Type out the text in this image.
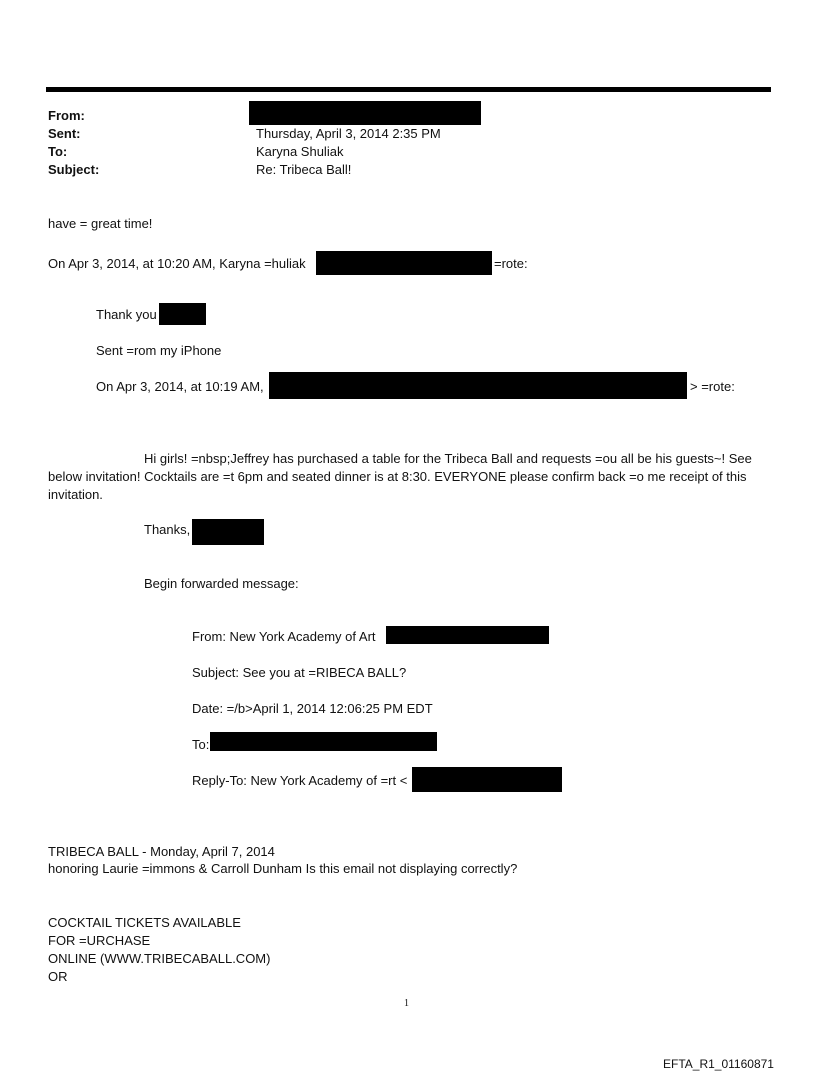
From:
Sent:	Thursday, April 3, 2014 2:35 PM
To:	Karyna Shuliak
Subject:	Re: Tribeca Ball!
have = great time!
On Apr 3, 2014, at 10:20 AM, Karyna =huliak	=rote:
Thank you
Sent =rom my iPhone
On Apr 3, 2014, at 10:19 AM,	> =rote:
Hi girls! =nbsp;Jeffrey has purchased a table for the Tribeca Ball and requests =ou all be his guests~! See below invitation! Cocktails are =t 6pm and seated dinner is at 8:30. EVERYONE please confirm back =o me receipt of this invitation.
Thanks,
Begin forwarded message:
From: New York Academy of Art
Subject: See you at =RIBECA BALL?
Date: =/b>April 1, 2014 12:06:25 PM EDT
To:
Reply-To: New York Academy of =rt <
TRIBECA BALL - Monday, April 7, 2014
honoring Laurie =immons & Carroll Dunham Is this email not displaying correctly?
COCKTAIL TICKETS AVAILABLE
FOR =URCHASE
ONLINE (WWW.TRIBECABALL.COM)
OR
1
EFTA_R1_01160871
